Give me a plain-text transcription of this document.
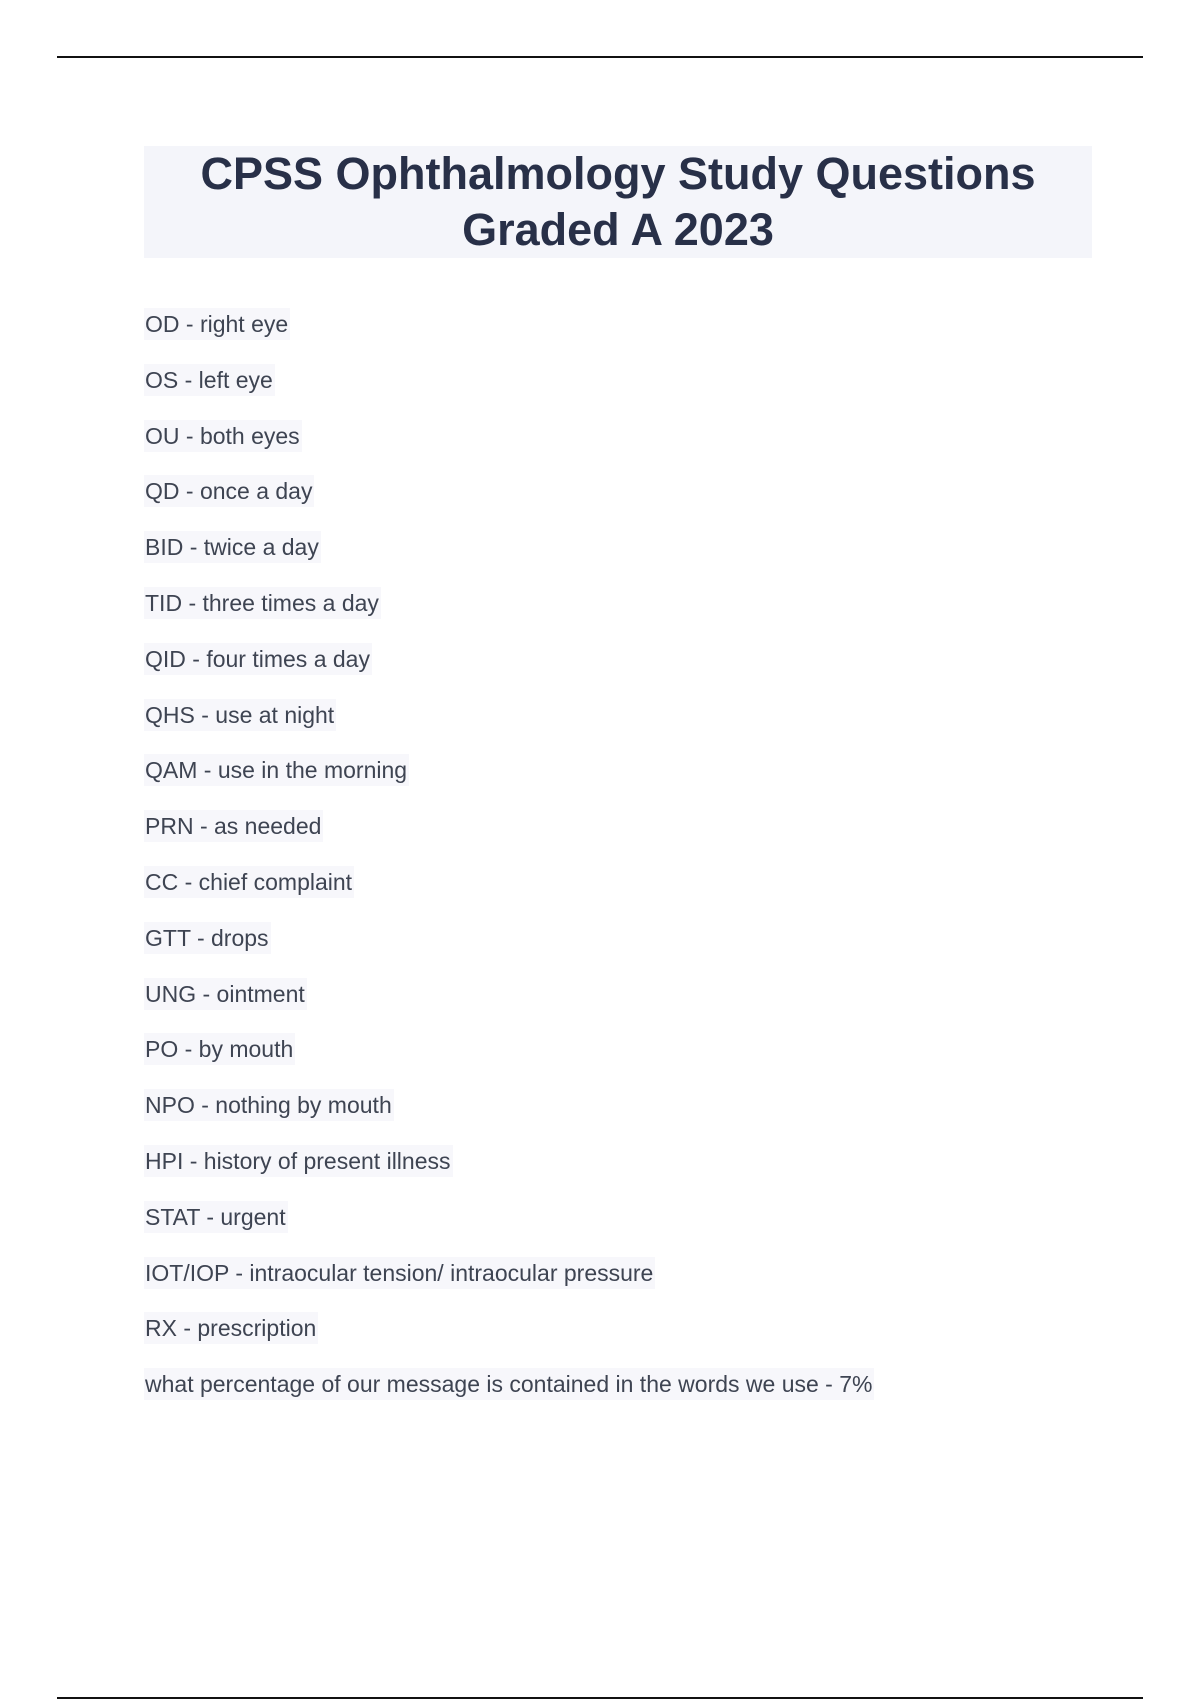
CPSS Ophthalmology Study Questions Graded A 2023
OD - right eye
OS - left eye
OU - both eyes
QD - once a day
BID - twice a day
TID - three times a day
QID - four times a day
QHS - use at night
QAM - use in the morning
PRN - as needed
CC - chief complaint
GTT - drops
UNG - ointment
PO - by mouth
NPO - nothing by mouth
HPI - history of present illness
STAT - urgent
IOT/IOP - intraocular tension/ intraocular pressure
RX - prescription
what percentage of our message is contained in the words we use - 7%
